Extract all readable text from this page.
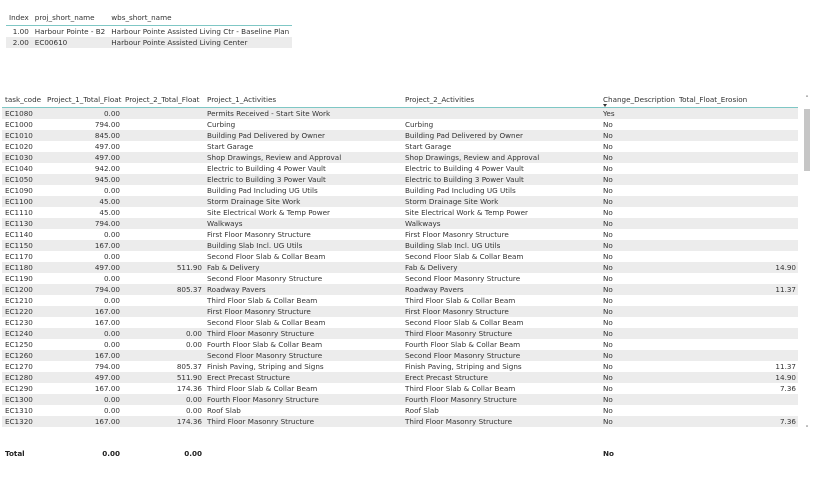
Index	proj_short_name	wbs_short_name
1.00	Harbour Pointe - B2	Harbour Pointe Assisted Living Ctr - Baseline Plan
2.00	EC00610	Harbour Pointe Assisted Living Center
task_code	Project_1_Total_Float	Project_2_Total_Float	Project_1_Activities	Project_2_Activities	Change_Description	Total_Float_Erosion
EC1080	0.00		Permits Received - Start Site Work		Yes	
EC1000	794.00		Curbing	Curbing	No	
EC1010	845.00		Building Pad Delivered by Owner	Building Pad Delivered by Owner	No	
EC1020	497.00		Start Garage	Start Garage	No	
EC1030	497.00		Shop Drawings, Review and Approval	Shop Drawings, Review and Approval	No	
EC1040	942.00		Electric to Building 4 Power Vault	Electric to Building 4 Power Vault	No	
EC1050	945.00		Electric to Building 3 Power Vault	Electric to Building 3 Power Vault	No	
EC1090	0.00		Building Pad Including UG Utils	Building Pad Including UG Utils	No	
EC1100	45.00		Storm Drainage Site Work	Storm Drainage Site Work	No	
EC1110	45.00		Site Electrical Work & Temp Power	Site Electrical Work & Temp Power	No	
EC1130	794.00		Walkways	Walkways	No	
EC1140	0.00		First Floor Masonry Structure	First Floor Masonry Structure	No	
EC1150	167.00		Building Slab Incl. UG Utils	Building Slab Incl. UG Utils	No	
EC1170	0.00		Second Floor Slab & Collar Beam	Second Floor Slab & Collar Beam	No	
EC1180	497.00	511.90	Fab & Delivery	Fab & Delivery	No	14.90
EC1190	0.00		Second Floor Masonry Structure	Second Floor Masonry Structure	No	
EC1200	794.00	805.37	Roadway Pavers	Roadway Pavers	No	11.37
EC1210	0.00		Third Floor Slab & Collar Beam	Third Floor Slab & Collar Beam	No	
EC1220	167.00		First Floor Masonry Structure	First Floor Masonry Structure	No	
EC1230	167.00		Second Floor Slab & Collar Beam	Second Floor Slab & Collar Beam	No	
EC1240	0.00	0.00	Third Floor Masonry Structure	Third Floor Masonry Structure	No	
EC1250	0.00	0.00	Fourth Floor Slab & Collar Beam	Fourth Floor Slab & Collar Beam	No	
EC1260	167.00		Second Floor Masonry Structure	Second Floor Masonry Structure	No	
EC1270	794.00	805.37	Finish Paving, Striping and Signs	Finish Paving, Striping and Signs	No	11.37
EC1280	497.00	511.90	Erect Precast Structure	Erect Precast Structure	No	14.90
EC1290	167.00	174.36	Third Floor Slab & Collar Beam	Third Floor Slab & Collar Beam	No	7.36
EC1300	0.00	0.00	Fourth Floor Masonry Structure	Fourth Floor Masonry Structure	No	
EC1310	0.00	0.00	Roof Slab	Roof Slab	No	
EC1320	167.00	174.36	Third Floor Masonry Structure	Third Floor Masonry Structure	No	7.36
Total	0.00	0.00			No	
˄
˅
